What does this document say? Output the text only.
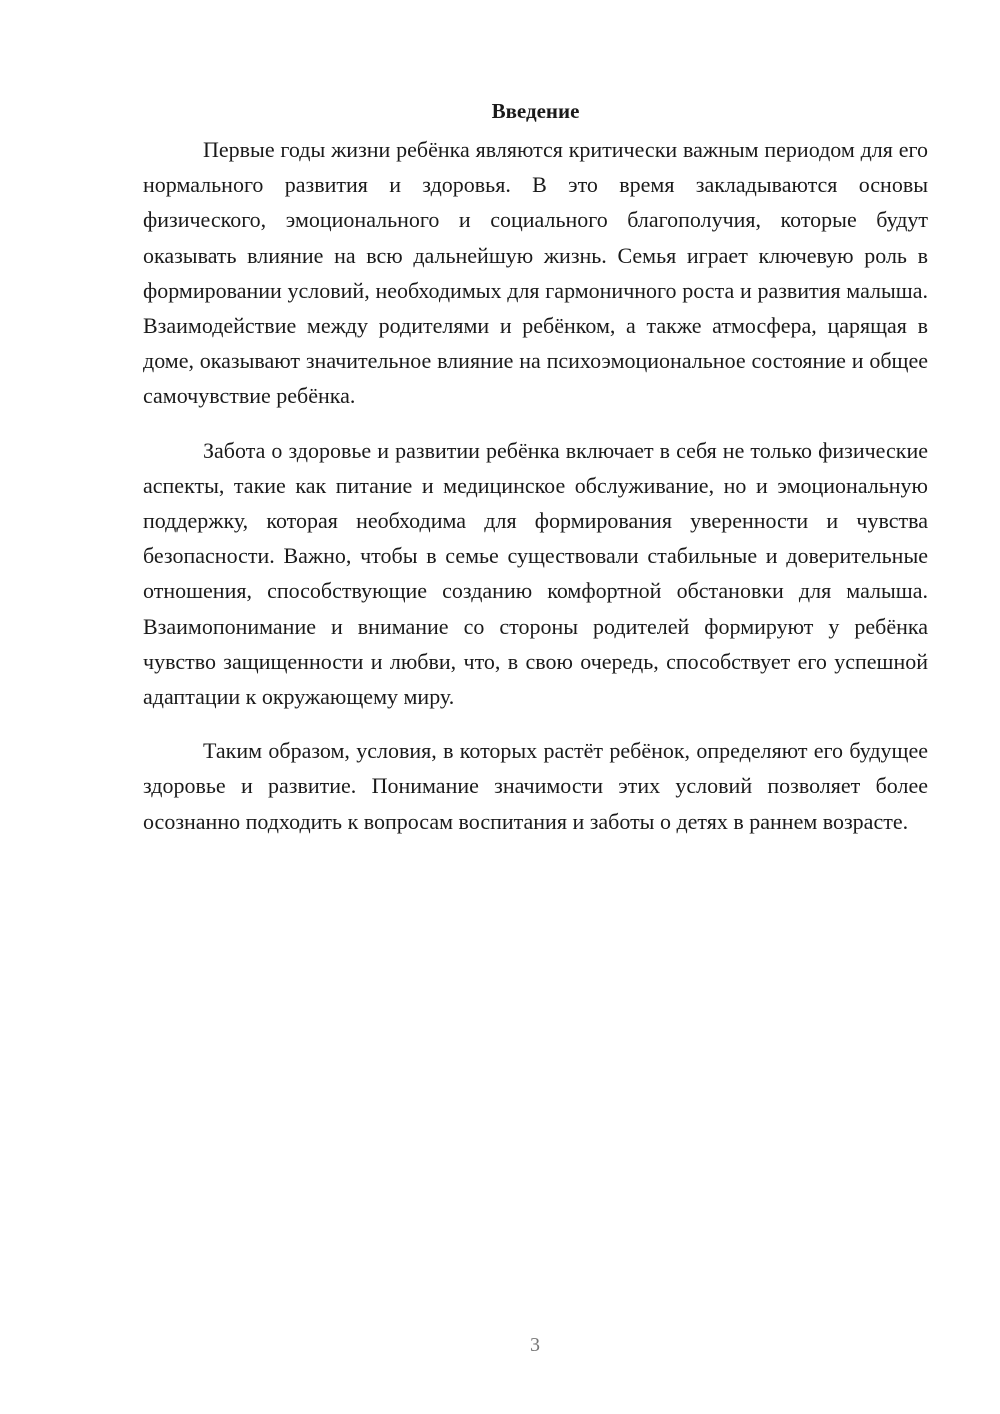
Введение

Первые годы жизни ребёнка являются критически важным периодом для его нормального развития и здоровья. В это время закладываются основы физического, эмоционального и социального благополучия, которые будут оказывать влияние на всю дальнейшую жизнь. Семья играет ключевую роль в формировании условий, необходимых для гармоничного роста и развития малыша. Взаимодействие между родителями и ребёнком, а также атмосфера, царящая в доме, оказывают значительное влияние на психоэмоциональное состояние и общее самочувствие ребёнка.

Забота о здоровье и развитии ребёнка включает в себя не только физические аспекты, такие как питание и медицинское обслуживание, но и эмоциональную поддержку, которая необходима для формирования уверенности и чувства безопасности. Важно, чтобы в семье существовали стабильные и доверительные отношения, способствующие созданию комфортной обстановки для малыша. Взаимопонимание и внимание со стороны родителей формируют у ребёнка чувство защищенности и любви, что, в свою очередь, способствует его успешной адаптации к окружающему миру.

Таким образом, условия, в которых растёт ребёнок, определяют его будущее здоровье и развитие. Понимание значимости этих условий позволяет более осознанно подходить к вопросам воспитания и заботы о детях в раннем возрасте.

3
